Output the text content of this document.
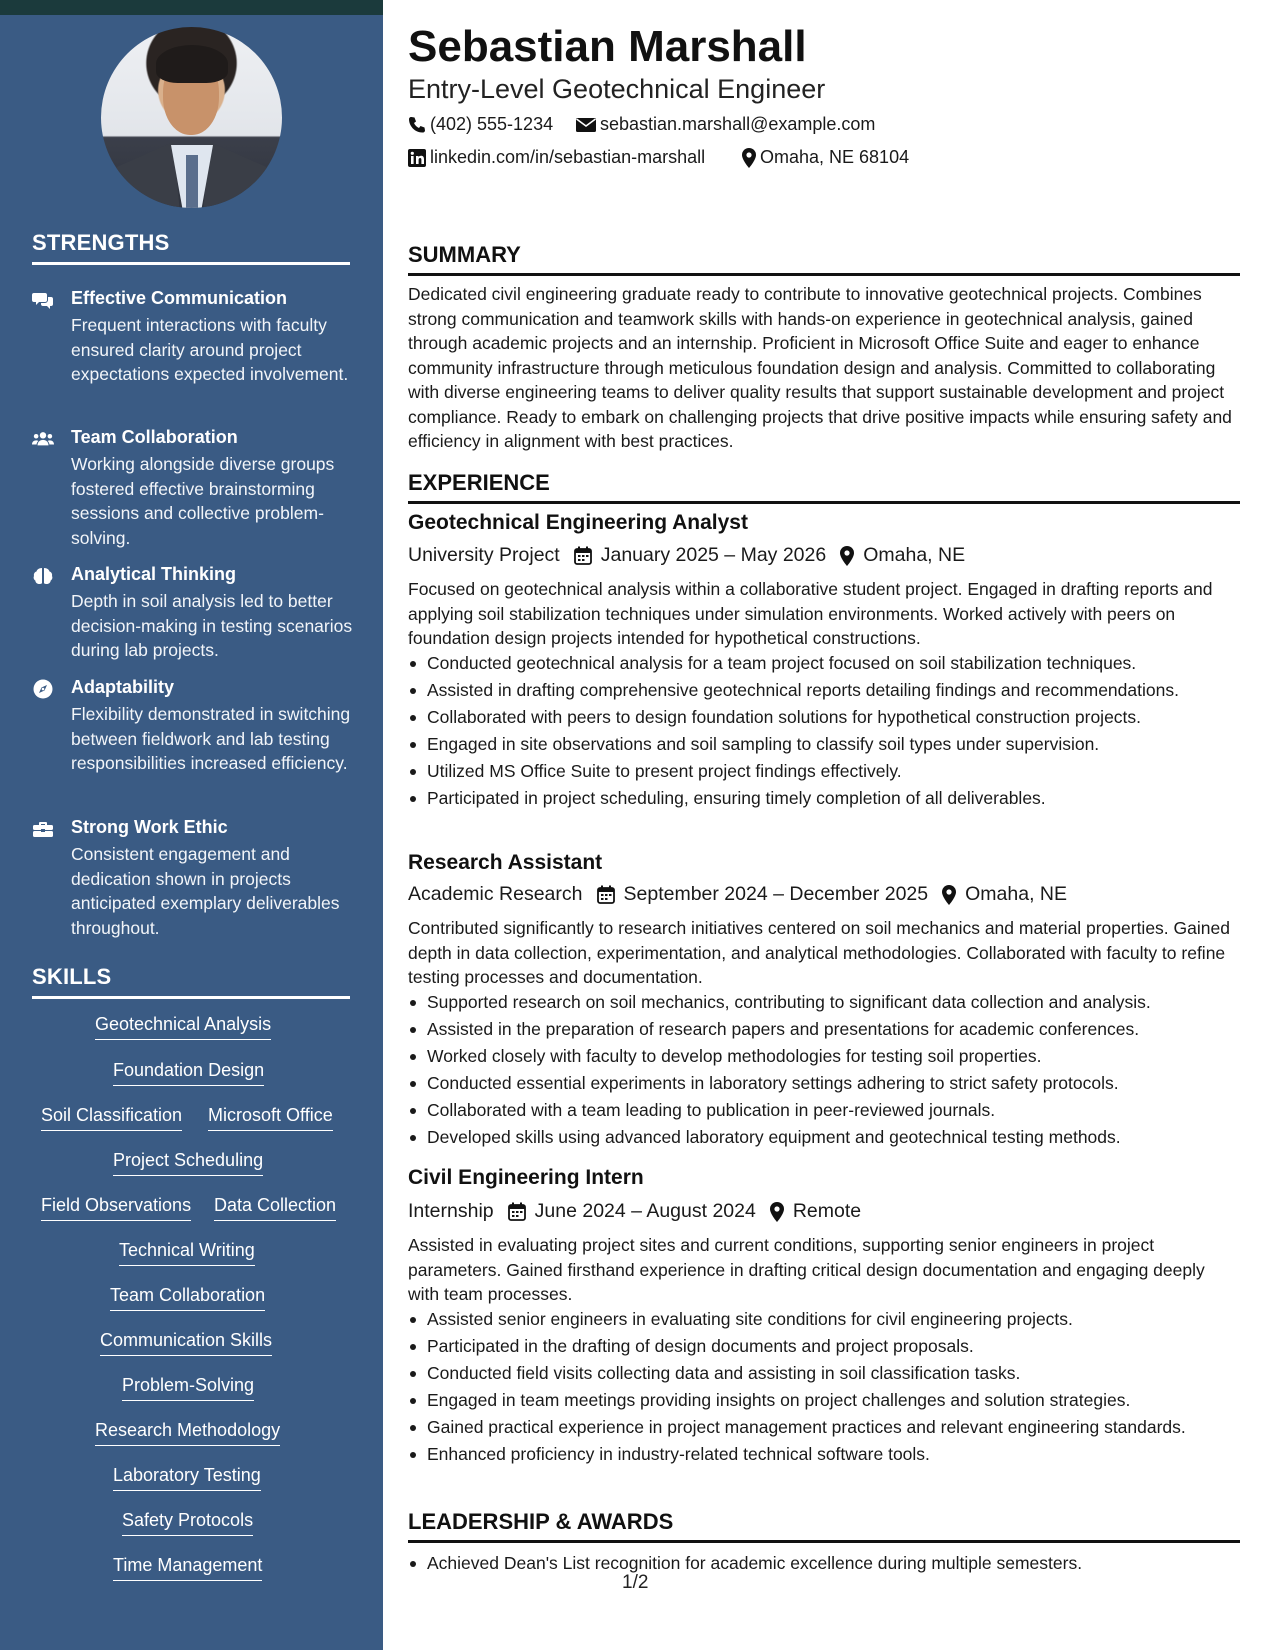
STRENGTHS
Effective Communication
Frequent interactions with faculty ensured clarity around project expectations expected involvement.
Team Collaboration
Working alongside diverse groups fostered effective brainstorming sessions and collective problem-solving.
Analytical Thinking
Depth in soil analysis led to better decision-making in testing scenarios during lab projects.
Adaptability
Flexibility demonstrated in switching between fieldwork and lab testing responsibilities increased efficiency.
Strong Work Ethic
Consistent engagement and dedication shown in projects anticipated exemplary deliverables throughout.
SKILLS
Geotechnical Analysis
Foundation Design
Soil Classification Microsoft Office
Project Scheduling
Field Observations Data Collection
Technical Writing
Team Collaboration
Communication Skills
Problem-Solving
Research Methodology
Laboratory Testing
Safety Protocols
Time Management
Sebastian Marshall
Entry-Level Geotechnical Engineer
(402) 555-1234	sebastian.marshall@example.com
linkedin.com/in/sebastian-marshall	Omaha, NE 68104
SUMMARY
Dedicated civil engineering graduate ready to contribute to innovative geotechnical projects. Combines strong communication and teamwork skills with hands-on experience in geotechnical analysis, gained through academic projects and an internship. Proficient in Microsoft Office Suite and eager to enhance community infrastructure through meticulous foundation design and analysis. Committed to collaborating with diverse engineering teams to deliver quality results that support sustainable development and project compliance. Ready to embark on challenging projects that drive positive impacts while ensuring safety and efficiency in alignment with best practices.
EXPERIENCE
Geotechnical Engineering Analyst
University Project January 2025 – May 2026 Omaha, NE
Focused on geotechnical analysis within a collaborative student project. Engaged in drafting reports and applying soil stabilization techniques under simulation environments. Worked actively with peers on foundation design projects intended for hypothetical constructions.
Conducted geotechnical analysis for a team project focused on soil stabilization techniques.
Assisted in drafting comprehensive geotechnical reports detailing findings and recommendations.
Collaborated with peers to design foundation solutions for hypothetical construction projects.
Engaged in site observations and soil sampling to classify soil types under supervision.
Utilized MS Office Suite to present project findings effectively.
Participated in project scheduling, ensuring timely completion of all deliverables.
Research Assistant
Academic Research September 2024 – December 2025 Omaha, NE
Contributed significantly to research initiatives centered on soil mechanics and material properties. Gained depth in data collection, experimentation, and analytical methodologies. Collaborated with faculty to refine testing processes and documentation.
Supported research on soil mechanics, contributing to significant data collection and analysis.
Assisted in the preparation of research papers and presentations for academic conferences.
Worked closely with faculty to develop methodologies for testing soil properties.
Conducted essential experiments in laboratory settings adhering to strict safety protocols.
Collaborated with a team leading to publication in peer-reviewed journals.
Developed skills using advanced laboratory equipment and geotechnical testing methods.
Civil Engineering Intern
Internship June 2024 – August 2024 Remote
Assisted in evaluating project sites and current conditions, supporting senior engineers in project parameters. Gained firsthand experience in drafting critical design documentation and engaging deeply with team processes.
Assisted senior engineers in evaluating site conditions for civil engineering projects.
Participated in the drafting of design documents and project proposals.
Conducted field visits collecting data and assisting in soil classification tasks.
Engaged in team meetings providing insights on project challenges and solution strategies.
Gained practical experience in project management practices and relevant engineering standards.
Enhanced proficiency in industry-related technical software tools.
LEADERSHIP & AWARDS
Achieved Dean's List recognition for academic excellence during multiple semesters.
1/2
